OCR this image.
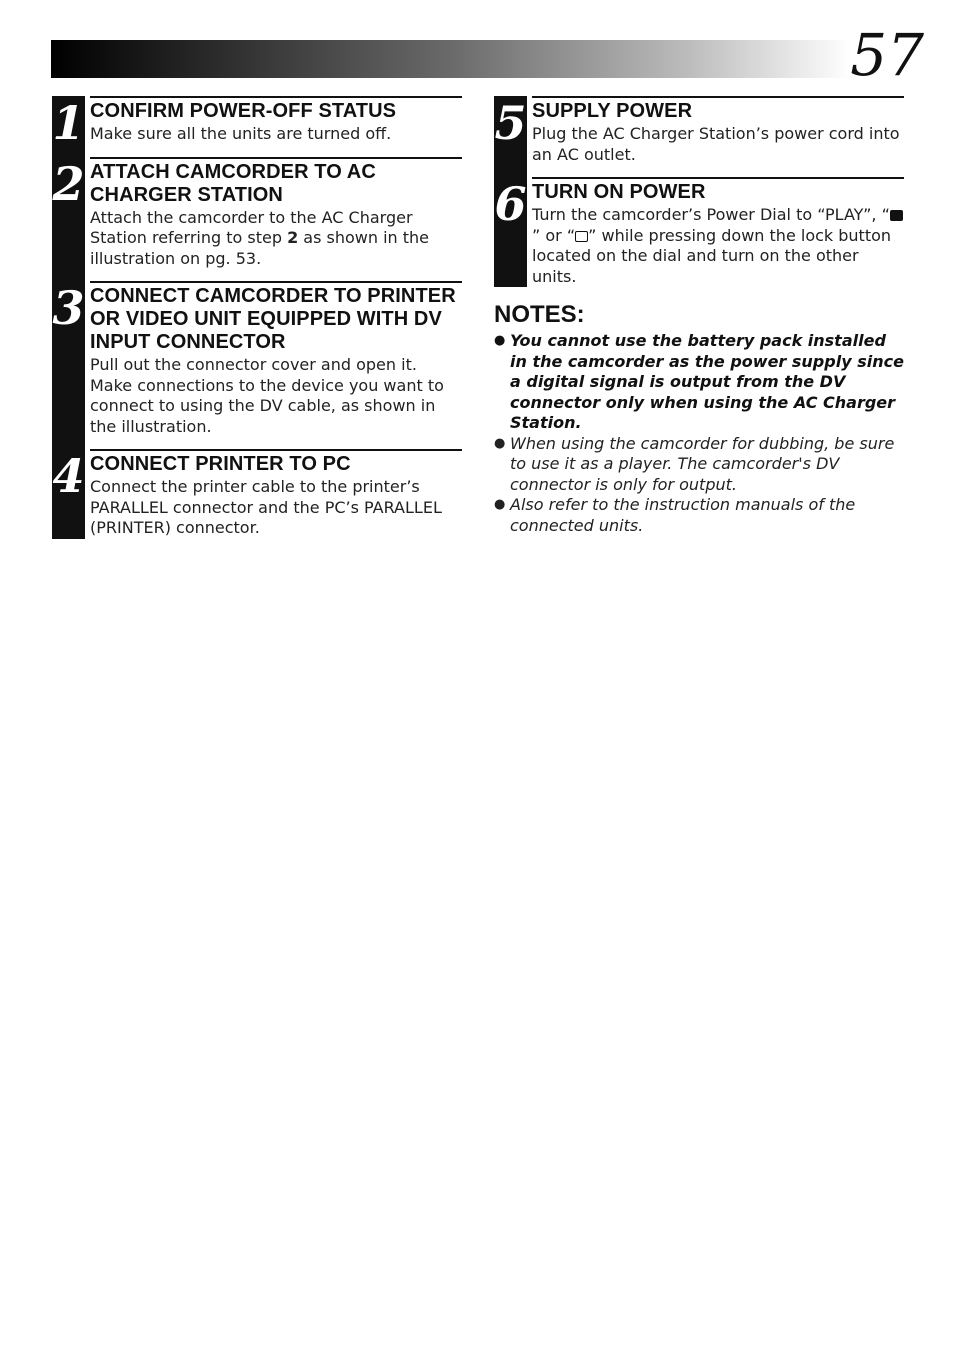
57
1 CONFIRM POWER-OFF STATUS
Make sure all the units are turned off.
2 ATTACH CAMCORDER TO AC CHARGER STATION
Attach the camcorder to the AC Charger Station referring to step 2 as shown in the illustration on pg. 53.
3 CONNECT CAMCORDER TO PRINTER OR VIDEO UNIT EQUIPPED WITH DV INPUT CONNECTOR
Pull out the connector cover and open it. Make connections to the device you want to connect to using the DV cable, as shown in the illustration.
4 CONNECT PRINTER TO PC
Connect the printer cable to the printer’s PARALLEL connector and the PC’s PARALLEL (PRINTER) connector.
5 SUPPLY POWER
Plug the AC Charger Station’s power cord into an AC outlet.
6 TURN ON POWER
Turn the camcorder’s Power Dial to “PLAY”, “” or “ ” while pressing down the lock button located on the dial and turn on the other units.
NOTES:
● You cannot use the battery pack installed in the camcorder as the power supply since a digital signal is output from the DV connector only when using the AC Charger Station.
● When using the camcorder for dubbing, be sure to use it as a player. The camcorder's DV connector is only for output.
● Also refer to the instruction manuals of the connected units.
